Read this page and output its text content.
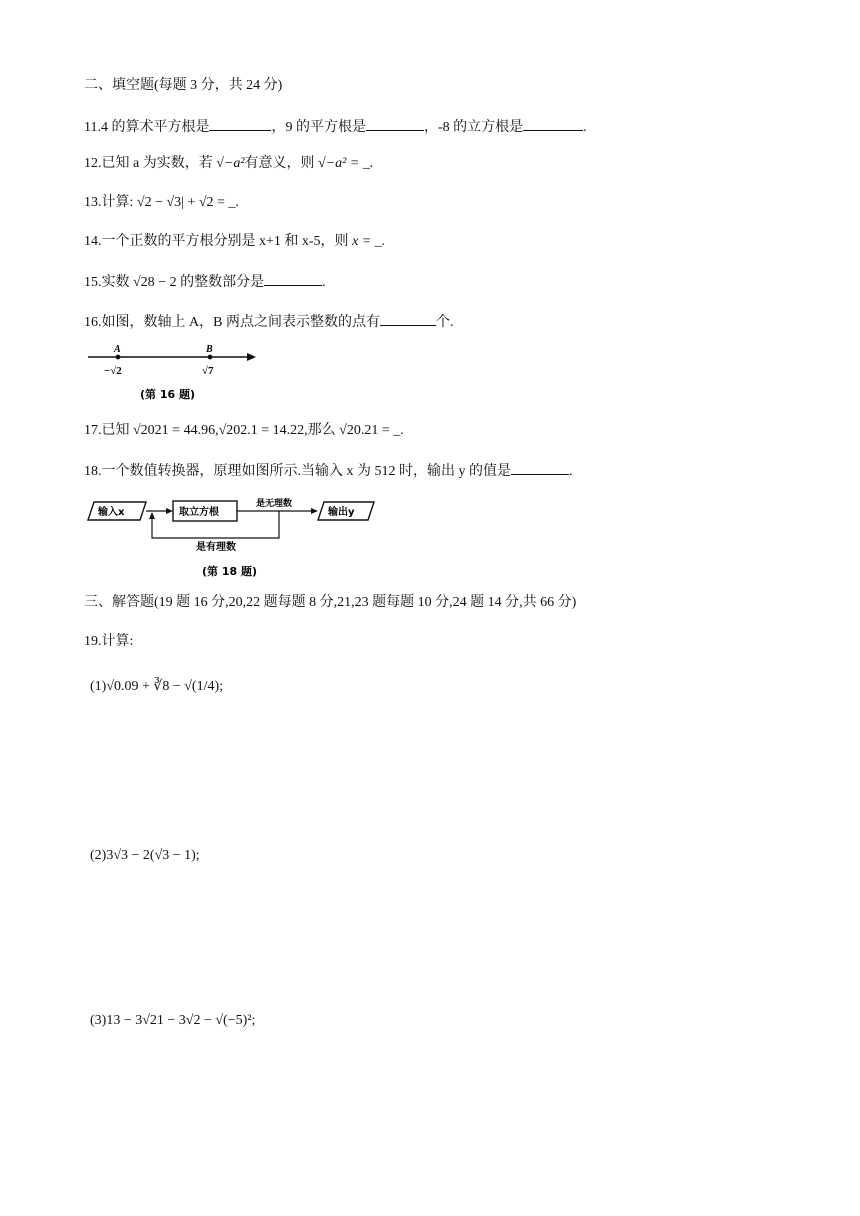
二、填空题(每题 3 分，共 24 分)
11.4 的算术平方根是	，9 的平方根是	，-8 的立方根是	.
12.已知 a 为实数，若 √−a²有意义，则 √−a² = _.
13.计算: √2 − √3| + √2 = _.
14.一个正数的平方根分别是 x+1 和 x-5，则 x = _.
15.实数 √28 − 2 的整数部分是	.
16.如图，数轴上 A，B 两点之间表示整数的点有	个.
A	B
−√2	√7
(第 16 题)
17.已知 √2021 = 44.96,√202.1 = 14.22,那么 √20.21 = _.
18.一个数值转换器，原理如图所示.当输入 x 为 512 时，输出 y 的值是	.
输入x	取立方根
是无理数
输出y
是有理数
(第 18 题)
三、解答题(19 题 16 分,20,22 题每题 8 分,21,23 题每题 10 分,24 题 14 分,共 66 分)
19.计算:
(1)√0.09 + ∛8 − √(1/4);
(2)3√3 − 2(√3 − 1);
(3)13 − 3√21 − 3√2 − √(−5)²;
